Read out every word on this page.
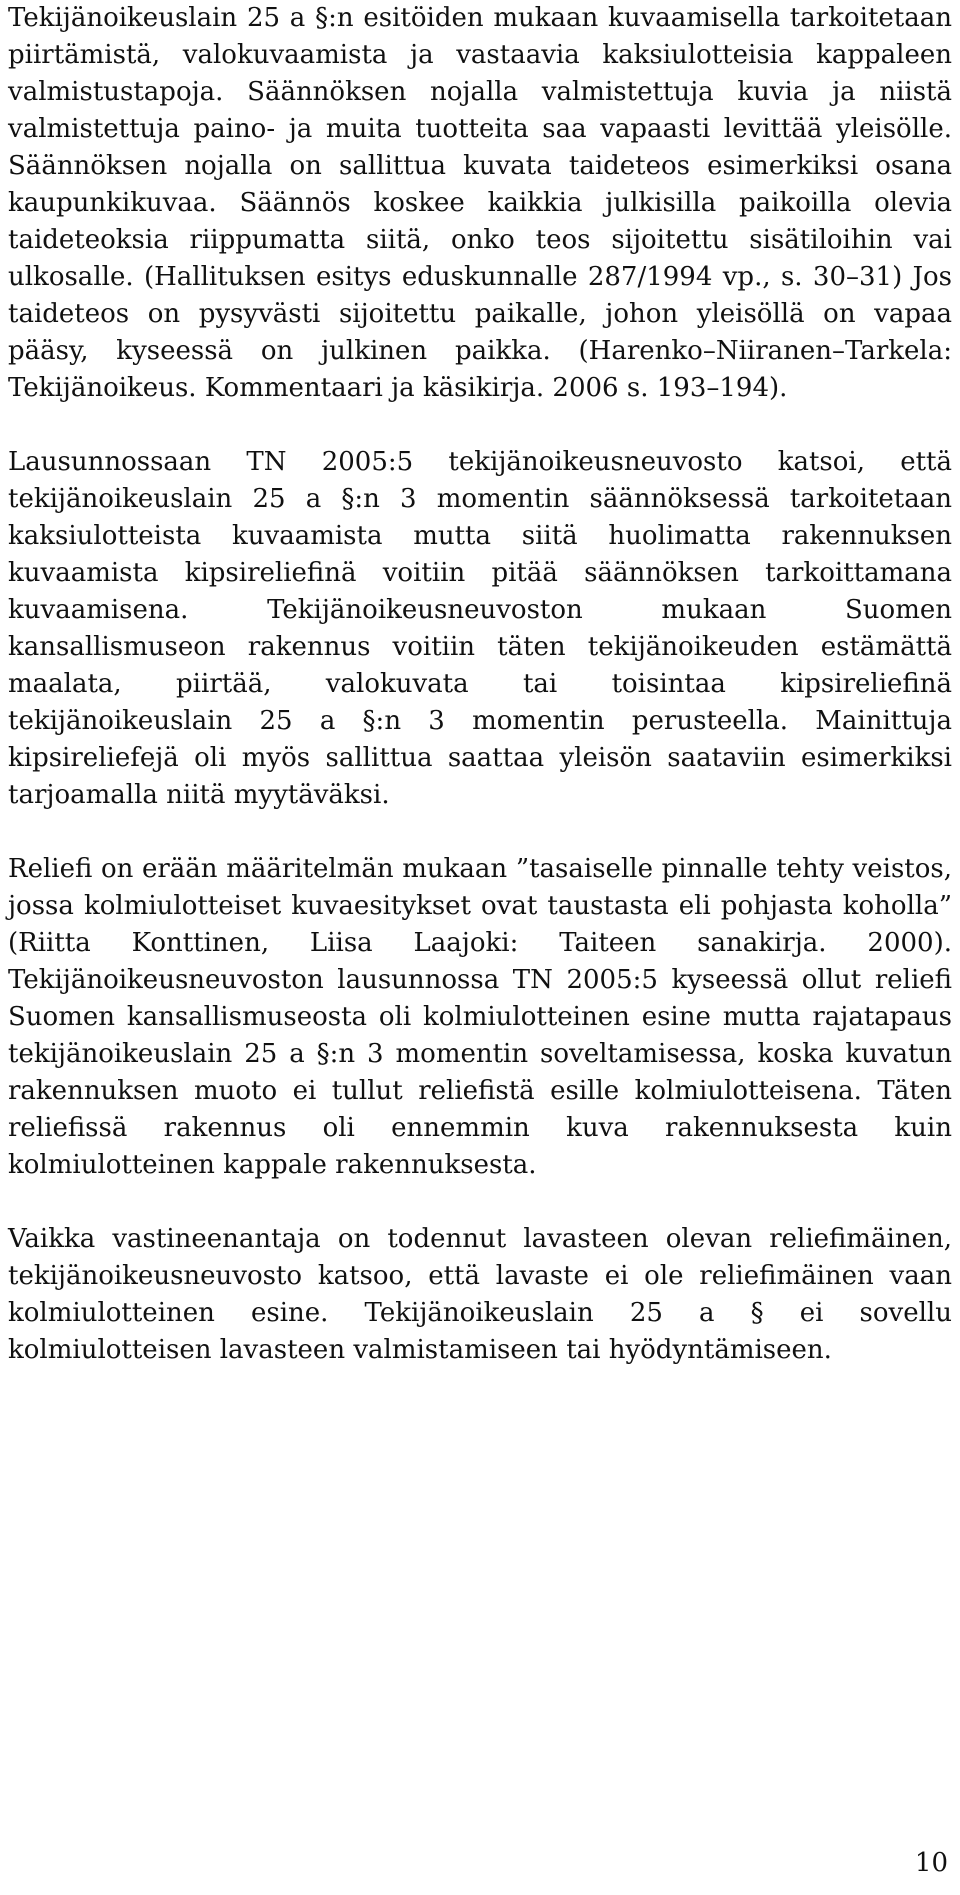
Tekijänoikeuslain 25 a §:n esitöiden mukaan kuvaamisella tarkoitetaan piirtämistä, valokuvaamista ja vastaavia kaksiulotteisia kappaleen valmistustapoja. Säännöksen nojalla valmistettuja kuvia ja niistä valmistettuja paino- ja muita tuotteita saa vapaasti levittää yleisölle. Säännöksen nojalla on sallittua kuvata taideteos esimerkiksi osana kaupunkikuvaa. Säännös koskee kaikkia julkisilla paikoilla olevia taideteoksia riippumatta siitä, onko teos sijoitettu sisätiloihin vai ulkosalle. (Hallituksen esitys eduskunnalle 287/1994 vp., s. 30–31) Jos taideteos on pysyvästi sijoitettu paikalle, johon yleisöllä on vapaa pääsy, kyseessä on julkinen paikka. (Harenko–Niiranen–Tarkela: Tekijänoikeus. Kommentaari ja käsikirja. 2006 s. 193–194).

Lausunnossaan TN 2005:5 tekijänoikeusneuvosto katsoi, että tekijänoikeuslain 25 a §:n 3 momentin säännöksessä tarkoitetaan kaksiulotteista kuvaamista mutta siitä huolimatta rakennuksen kuvaamista kipsireliefinä voitiin pitää säännöksen tarkoittamana kuvaamisena. Tekijänoikeusneuvoston mukaan Suomen kansallismuseon rakennus voitiin täten tekijänoikeuden estämättä maalata, piirtää, valokuvata tai toisintaa kipsireliefinä tekijänoikeuslain 25 a §:n 3 momentin perusteella. Mainittuja kipsireliefejä oli myös sallittua saattaa yleisön saataviin esimerkiksi tarjoamalla niitä myytäväksi.

Reliefi on erään määritelmän mukaan ”tasaiselle pinnalle tehty veistos, jossa kolmiulotteiset kuvaesitykset ovat taustasta eli pohjasta koholla” (Riitta Konttinen, Liisa Laajoki: Taiteen sanakirja. 2000). Tekijänoikeusneuvoston lausunnossa TN 2005:5 kyseessä ollut reliefi Suomen kansallismuseosta oli kolmiulotteinen esine mutta rajatapaus tekijänoikeuslain 25 a §:n 3 momentin soveltamisessa, koska kuvatun rakennuksen muoto ei tullut reliefistä esille kolmiulotteisena. Täten reliefissä rakennus oli ennemmin kuva rakennuksesta kuin kolmiulotteinen kappale rakennuksesta.

Vaikka vastineenantaja on todennut lavasteen olevan reliefimäinen, tekijänoikeusneuvosto katsoo, että lavaste ei ole reliefimäinen vaan kolmiulotteinen esine. Tekijänoikeuslain 25 a § ei sovellu kolmiulotteisen lavasteen valmistamiseen tai hyödyntämiseen.

10
